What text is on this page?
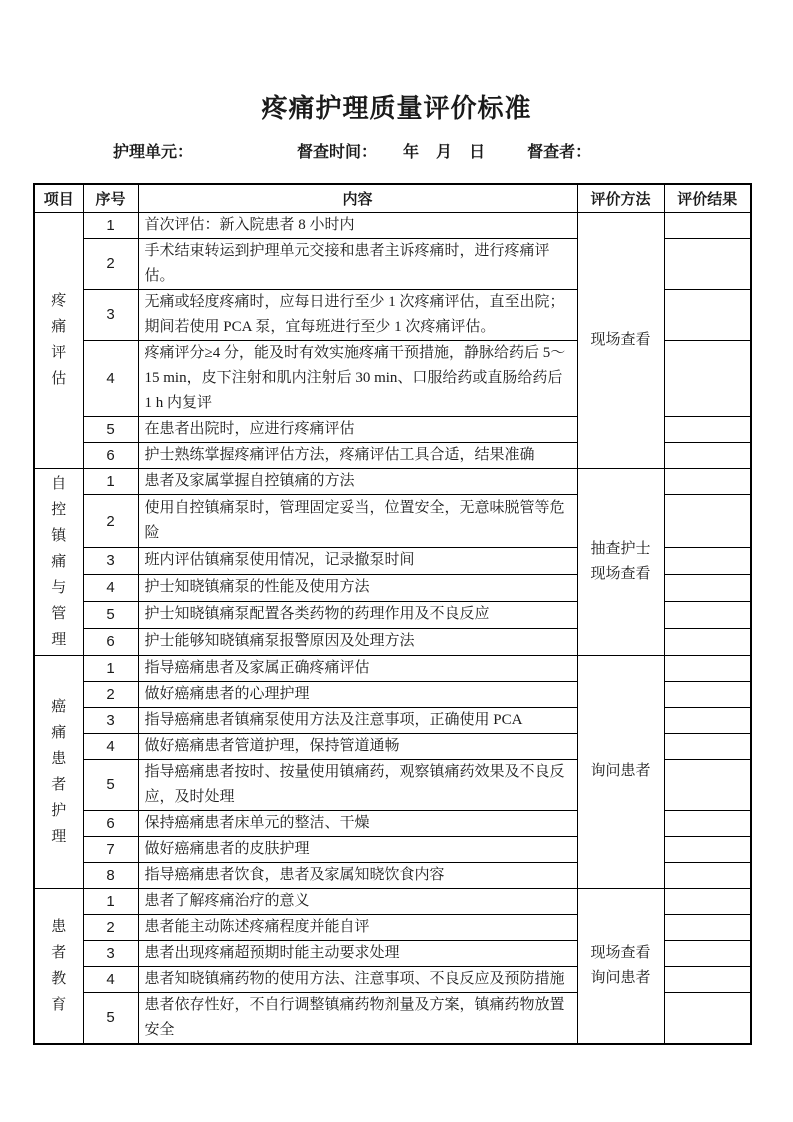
疼痛护理质量评价标准
护理单元：	督查时间： 年 月 日	督查者：
项目	序号	内容	评价方法	评价结果
疼痛评估	1	首次评估：新入院患者 8 小时内	现场查看	

	2	手术结束转运到护理单元交接和患者主诉疼痛时，进行疼痛评估。		
	3	无痛或轻度疼痛时，应每日进行至少 1 次疼痛评估，直至出院；期间若使用 PCA 泵，宜每班进行至少 1 次疼痛评估。		
	4	疼痛评分≥4 分，能及时有效实施疼痛干预措施，静脉给药后 5～15 min，皮下注射和肌内注射后 30 min、口服给药或直肠给药后 1 h 内复评		
	5	在患者出院时，应进行疼痛评估		
	6	护士熟练掌握疼痛评估方法，疼痛评估工具合适，结果准确		
自控镇痛与管理	1	患者及家属掌握自控镇痛的方法	抽查护士
现场查看	

	2	使用自控镇痛泵时，管理固定妥当，位置安全，无意味脱管等危险		
	3	班内评估镇痛泵使用情况，记录撤泵时间		
	4	护士知晓镇痛泵的性能及使用方法		
	5	护士知晓镇痛泵配置各类药物的药理作用及不良反应		
	6	护士能够知晓镇痛泵报警原因及处理方法		
癌痛患者护理	1	指导癌痛患者及家属正确疼痛评估	询问患者	

	2	做好癌痛患者的心理护理		
	3	指导癌痛患者镇痛泵使用方法及注意事项，正确使用 PCA		
	4	做好癌痛患者管道护理，保持管道通畅		
	5	指导癌痛患者按时、按量使用镇痛药，观察镇痛药效果及不良反应，及时处理		
	6	保持癌痛患者床单元的整洁、干燥		
	7	做好癌痛患者的皮肤护理		
	8	指导癌痛患者饮食，患者及家属知晓饮食内容		
患者教育	1	患者了解疼痛治疗的意义	现场查看
询问患者	

	2	患者能主动陈述疼痛程度并能自评		
	3	患者出现疼痛超预期时能主动要求处理		
	4	患者知晓镇痛药物的使用方法、注意事项、不良反应及预防措施		
	5	患者依存性好，不自行调整镇痛药物剂量及方案，镇痛药物放置安全		
